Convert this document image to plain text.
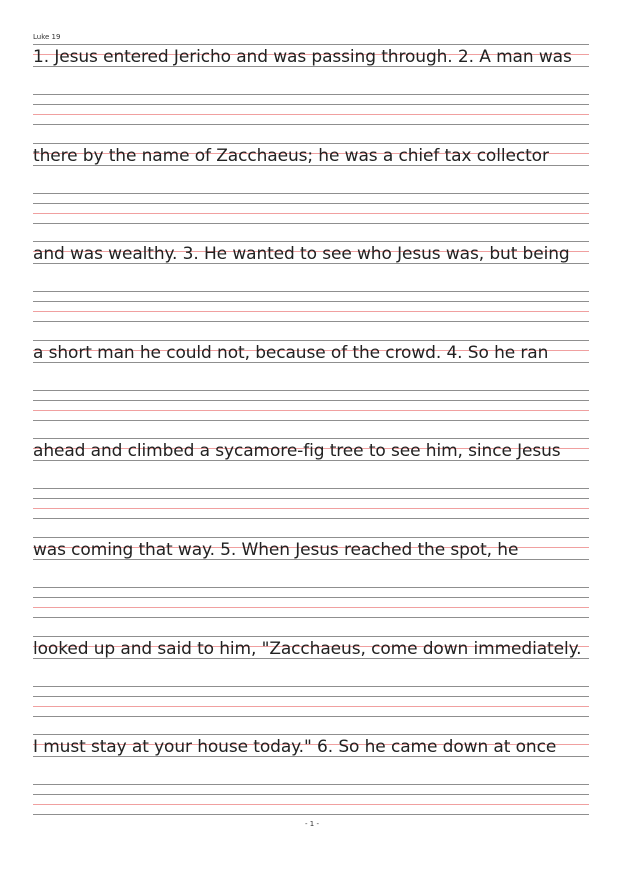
Luke 19
1. Jesus entered Jericho and was passing through. 2. A man was
there by the name of Zacchaeus; he was a chief tax collector
and was wealthy. 3. He wanted to see who Jesus was, but being
a short man he could not, because of the crowd. 4. So he ran
ahead and climbed a sycamore-fig tree to see him, since Jesus
was coming that way. 5. When Jesus reached the spot, he
looked up and said to him, "Zacchaeus, come down immediately.
I must stay at your house today." 6. So he came down at once
- 1 -
